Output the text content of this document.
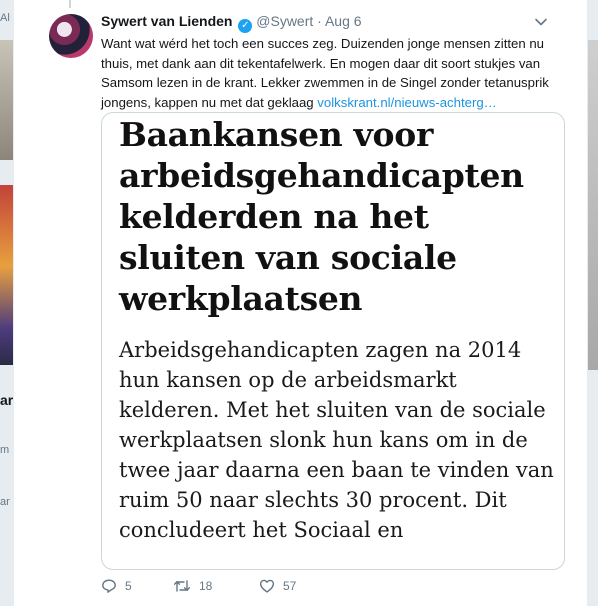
Al
ar
m
ar
Sywert van Lienden ✓ @Sywert · Aug 6
Want wat wérd het toch een succes zeg. Duizenden jonge mensen zitten nu thuis, met dank aan dit tekentafelwerk. En mogen daar dit soort stukjes van Samsom lezen in de krant. Lekker zwemmen in de Singel zonder tetanusprik jongens, kappen nu met dat geklaag volkskrant.nl/nieuws-achterg…

Baankansen voor arbeidsgehandicapten kelderden na het sluiten van sociale werkplaatsen

Arbeidsgehandicapten zagen na 2014 hun kansen op de arbeidsmarkt kelderen. Met het sluiten van de sociale werkplaatsen slonk hun kans om in de twee jaar daarna een baan te vinden van ruim 50 naar slechts 30 procent. Dit concludeert het Sociaal en

5	18	57
